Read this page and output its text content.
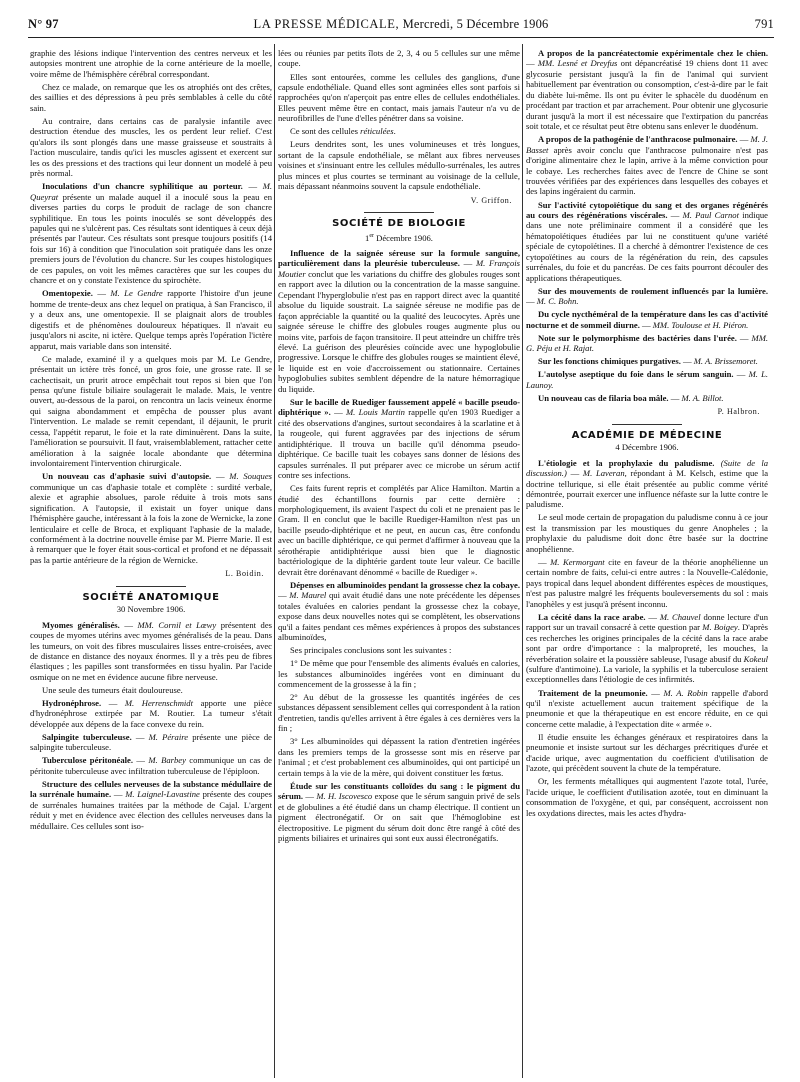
N° 97	LA PRESSE MÉDICALE, Mercredi, 5 Décembre 1906	791

graphie des lésions indique l'intervention des centres nerveux et les autopsies montrent une atrophie de la corne antérieure de la moelle, voire même de l'hémisphère cérébral correspondant.

Chez ce malade, on remarque que les os atrophiés ont des crêtes, des saillies et des dépressions à peu près semblables à celle du côté sain.

Au contraire, dans certains cas de paralysie infantile avec destruction étendue des muscles, les os perdent leur relief. C'est qu'alors ils sont plongés dans une masse graisseuse et soustraits à l'action musculaire, tandis qu'ici les muscles agissent et exercent sur les os des pressions et des tractions qui leur donnent un modelé à peu près normal.

Inoculations d'un chancre syphilitique au porteur. — M. Queyrat présente un malade auquel il a inoculé sous la peau en diverses parties du corps le produit de raclage de son chancre syphilitique. En tous les points inoculés se sont développés des papules qui ne s'ulcèrent pas. Ces résultats sont identiques à ceux déjà présentés par l'auteur. Ces résultats sont presque toujours positifs (14 fois sur 16) à condition que l'inoculation soit pratiquée dans les onze premiers jours de l'évolution du chancre. Sur les coupes histologiques de ces papules, on voit les mêmes caractères que sur les coupes du chancre et on y constate l'existence du spirochète.

Omentopexie. — M. Le Gendre rapporte l'histoire d'un jeune homme de trente-deux ans chez lequel on pratiqua, à San Francisco, il y a deux ans, une omentopexie. Il se plaignait alors de troubles digestifs et de phénomènes douloureux hépatiques. Il n'avait eu jusqu'alors ni ascite, ni ictère. Quelque temps après l'opération l'ictère apparut, mais variable dans son intensité.

Ce malade, examiné il y a quelques mois par M. Le Gendre, présentait un ictère très foncé, un gros foie, une grosse rate. Il se cachectisait, un prurit atroce empêchait tout repos si bien que l'on pensa qu'une fistule biliaire soulagerait le malade. Mais, le ventre ouvert, au-dessous de la paroi, on rencontra un lacis veineux énorme qui saigna abondamment et empêcha de pousser plus avant l'intervention. Le malade se remit cependant, il déjaunit, le prurit cessa, l'appétit reparut, le foie et la rate diminuèrent. Dans la suite, l'amélioration se poursuivit. Il faut, vraisemblablement, rattacher cette amélioration à la saignée locale abondante que détermina involontairement l'intervention chirurgicale.

Un nouveau cas d'aphasie suivi d'autopsie. — M. Souques communique un cas d'aphasie totale et complète : surdité verbale, alexie et agraphie absolues, parole réduite à trois mots sans signification. A l'autopsie, il existait un foyer unique dans l'hémisphère gauche, intéressant à la fois la zone de Wernicke, la zone lenticulaire et celle de Broca, et expliquant l'aphasie de la malade, conformément à la doctrine nouvelle émise par M. Pierre Marie. Il est à remarquer que le foyer était sous-cortical et profond et ne dépassait pas la partie antérieure de la région de Wernicke.

L. Boidin.

SOCIÉTÉ ANATOMIQUE
30 Novembre 1906.

Myomes généralisés. — MM. Cornil et Lœwy présentent des coupes de myomes utérins avec myomes généralisés de la peau. Dans les tumeurs, on voit des fibres musculaires lisses entre-croisées, avec de distance en distance des noyaux énormes. Il y a très peu de fibres élastiques ; les papilles sont transformées en tissu hyalin. Par l'acide osmique on ne met en évidence aucune fibre nerveuse.

Une seule des tumeurs était douloureuse.

Hydronéphrose. — M. Herrenschmidt apporte une pièce d'hydronéphrose extirpée par M. Routier. La tumeur s'était développée aux dépens de la face convexe du rein.

Salpingite tuberculeuse. — M. Péraire présente une pièce de salpingite tuberculeuse.

Tuberculose péritonéale. — M. Barbey communique un cas de péritonite tuberculeuse avec infiltration tuberculeuse de l'épiploon.

Structure des cellules nerveuses de la substance médullaire de la surrénale humaine. — M. Laignel-Lavastine présente des coupes de surrénales humaines traitées par la méthode de Cajal. L'argent réduit y met en évidence avec élection des cellules nerveuses dans la médullaire. Ces cellules sont iso-

lées ou réunies par petits îlots de 2, 3, 4 ou 5 cellules sur une même coupe.

Elles sont entourées, comme les cellules des ganglions, d'une capsule endothéliale. Quand elles sont agminées elles sont parfois si rapprochées qu'on n'aperçoit pas entre elles de cellules endothéliales. Elles peuvent même être en contact, mais jamais l'auteur n'a vu de neurofibrilles de l'une d'elles pénétrer dans sa voisine.

Ce sont des cellules réticulées.

Leurs dendrites sont, les unes volumineuses et très longues, sortant de la capsule endothéliale, se mêlant aux fibres nerveuses voisines et s'insinuant entre les cellules médullo-surrénales, les autres plus minces et plus courtes se terminant au voisinage de la cellule, mais dépassant néanmoins souvent la capsule endothéliale.

V. Griffon.

SOCIÉTÉ DE BIOLOGIE
1er Décembre 1906.

Influence de la saignée séreuse sur la formule sanguine, particulièrement dans la pleurésie tuberculeuse. — M. François Moutier conclut que les variations du chiffre des globules rouges sont en rapport avec la dilution ou la concentration de la masse sanguine. Cependant l'hyperglobulie n'est pas en rapport direct avec la quantité absolue du liquide soustrait. La saignée séreuse ne modifie pas de façon appréciable la quantité ou la qualité des leucocytes. Après une saignée séreuse le chiffre des globules rouges augmente plus ou moins vite, parfois de façon transitoire. Il peut atteindre un chiffre très élevé. La guérison des pleurésies coïncide avec une hypoglobulie progressive. Lorsque le chiffre des globules rouges se maintient élevé, le liquide est en voie d'accroissement ou stationnaire. Certaines hypoglobulies subites semblent dépendre de la nature hémorragique du liquide.

Sur le bacille de Ruediger faussement appelé « bacille pseudo-diphtérique ». — M. Louis Martin rappelle qu'en 1903 Ruediger a cité des observations d'angines, surtout secondaires à la scarlatine et à la rougeole, qui furent aggravées par des injections de sérum antidiphtérique. Il trouva un bacille qu'il dénomma pseudo-diphtérique. Ce bacille tuait les cobayes sans donner de lésions des capsules surrénales. Il put préparer avec ce microbe un sérum actif contre ses infections.

Ces faits furent repris et complétés par Alice Hamilton. Martin a étudié des échantillons fournis par cette dernière : morphologiquement, ils avaient l'aspect du coli et ne prenaient pas le Gram. Il en conclut que le bacille Ruediger-Hamilton n'est pas un bacille pseudo-diphtérique et ne peut, en aucun cas, être confondu avec un bacille diphtérique, ce qui permet d'affirmer à nouveau que la sérothérapie antidiphtérique aussi bien que le diagnostic bactériologique de la diphtérie gardent toute leur valeur. Ce bacille devrait être dorénavant dénommé « bacille de Ruediger ».

Dépenses en albuminoïdes pendant la grossesse chez la cobaye. — M. Maurel qui avait étudié dans une note précédente les dépenses totales évaluées en calories pendant la grossesse chez la cobaye, expose dans deux nouvelles notes qui se complètent, les observations qu'il a faites pendant ces mêmes expériences à propos des substances albuminoïdes,

Ses principales conclusions sont les suivantes :

1° De même que pour l'ensemble des aliments évalués en calories, les substances albuminoïdes ingérées vont en diminuant du commencement de la grossesse à la fin ;

2° Au début de la grossesse les quantités ingérées de ces substances dépassent sensiblement celles qui correspondent à la ration d'entretien, tandis qu'elles arrivent à être égales à ces dernières vers la fin ;

3° Les albuminoïdes qui dépassent la ration d'entretien ingérées dans les premiers temps de la grossesse sont mis en réserve par l'animal ; et c'est probablement ces albuminoïdes, qui ont participé un certain temps à la vie de la mère, qui doivent constituer les fœtus.

Étude sur les constituants colloïdes du sang : le pigment du sérum. — M. H. Iscovesco expose que le sérum sanguin privé de sels et de globulines a été étudié dans un champ électrique. Il contient un pigment électronégatif. Or on sait que l'hémoglobine est électropositive. Le pigment du sérum doit donc être rangé à côté des pigments biliaires et urinaires qui sont eux aussi électronégatifs.

A propos de la pancréatectomie expérimentale chez le chien. — MM. Lesné et Dreyfus ont dépancréatisé 19 chiens dont 11 avec glycosurie persistant jusqu'à la fin de l'animal qui survient habituellement par éventration ou consomption, c'est-à-dire par le fait du diabète lui-même. Ils ont pu éviter le sphacèle du duodénum en procédant par traction et par arrachement. Pour obtenir une glycosurie durant jusqu'à la mort il est nécessaire que l'extirpation du pancréas soit totale, et ce résultat peut être obtenu sans enlever le duodénum.

A propos de la pathogénie de l'anthracose pulmonaire. — M. J. Basset après avoir conclu que l'anthracose pulmonaire n'est pas d'origine alimentaire chez le lapin, arrive à la même conviction pour le cobaye. Les recherches faites avec de l'encre de Chine se sont trouvées vérifiées par des expériences dans lesquelles des cobayes et des lapins ingéraient du carmin.

Sur l'activité cytopoïétique du sang et des organes régénérés au cours des régénérations viscérales. — M. Paul Carnot indique dans une note préliminaire comment il a considéré que les hématopoïétiques étudiées par lui ne constituent qu'une variété spéciale de cytopoïétines. Il a cherché à démontrer l'existence de ces cytopoïétines au cours de la régénération du rein, des capsules surrénales, du foie et du pancréas. De ces faits pourront découler des applications thérapeutiques.

Sur des mouvements de roulement influencés par la lumière. — M. C. Bohn.

Du cycle nycthéméral de la température dans les cas d'activité nocturne et de sommeil diurne. — MM. Toulouse et H. Piéron.

Note sur le polymorphisme des bactéries dans l'urée. — MM. G. Péju et H. Rajat.

Sur les fonctions chimiques purgatives. — M. A. Brissemoret.

L'autolyse aseptique du foie dans le sérum sanguin. — M. L. Launoy.

Un nouveau cas de filaria boa mâle. — M. A. Billot.

P. Halbron.

ACADÉMIE DE MÉDECINE
4 Décembre 1906.

L'étiologie et la prophylaxie du paludisme. (Suite de la discussion.) — M. Laveran, répondant à M. Kelsch, estime que la doctrine tellurique, si elle était présentée au public comme vérité démontrée, pourrait exercer une influence néfaste sur la lutte contre le paludisme.

Le seul mode certain de propagation du paludisme connu à ce jour est la transmission par les moustiques du genre Anopheles ; la prophylaxie du paludisme doit donc être basée sur la doctrine anophélienne.

— M. Kermorgant cite en faveur de la théorie anophélienne un certain nombre de faits, celui-ci entre autres : la Nouvelle-Calédonie, pays tropical dans lequel abondent différentes espèces de moustiques, n'est pas palustre malgré les fréquents bouleversements du sol : mais l'anophèles y est jusqu'à présent inconnu.

La cécité dans la race arabe. — M. Chauvel donne lecture d'un rapport sur un travail consacré à cette question par M. Boigey. D'après ces recherches les origines principales de la cécité dans la race arabe sont par ordre d'importance : la malpropreté, les mouches, la réverbération solaire et la poussière sableuse, l'usage abusif du Kokeul (sulfure d'antimoine). La variole, la syphilis et la tuberculose seraient exceptionnelles dans l'étiologie de ces infirmités.

Traitement de la pneumonie. — M. A. Robin rappelle d'abord qu'il n'existe actuellement aucun traitement spécifique de la pneumonie et que la thérapeutique en est encore réduite, en ce qui concerne cette maladie, à l'expectation dite « armée ».

Il étudie ensuite les échanges généraux et respiratoires dans la pneumonie et insiste surtout sur les décharges précritiques d'urée et d'acide urique, avec augmentation du coefficient d'utilisation de l'azote, qui précèdent souvent la chute de la température.

Or, les ferments métalliques qui augmentent l'azote total, l'urée, l'acide urique, le coefficient d'utilisation azotée, tout en diminuant la consommation de l'oxygène, et qui, par conséquent, accroissent non les oxydations directes, mais les actes d'hydra-
